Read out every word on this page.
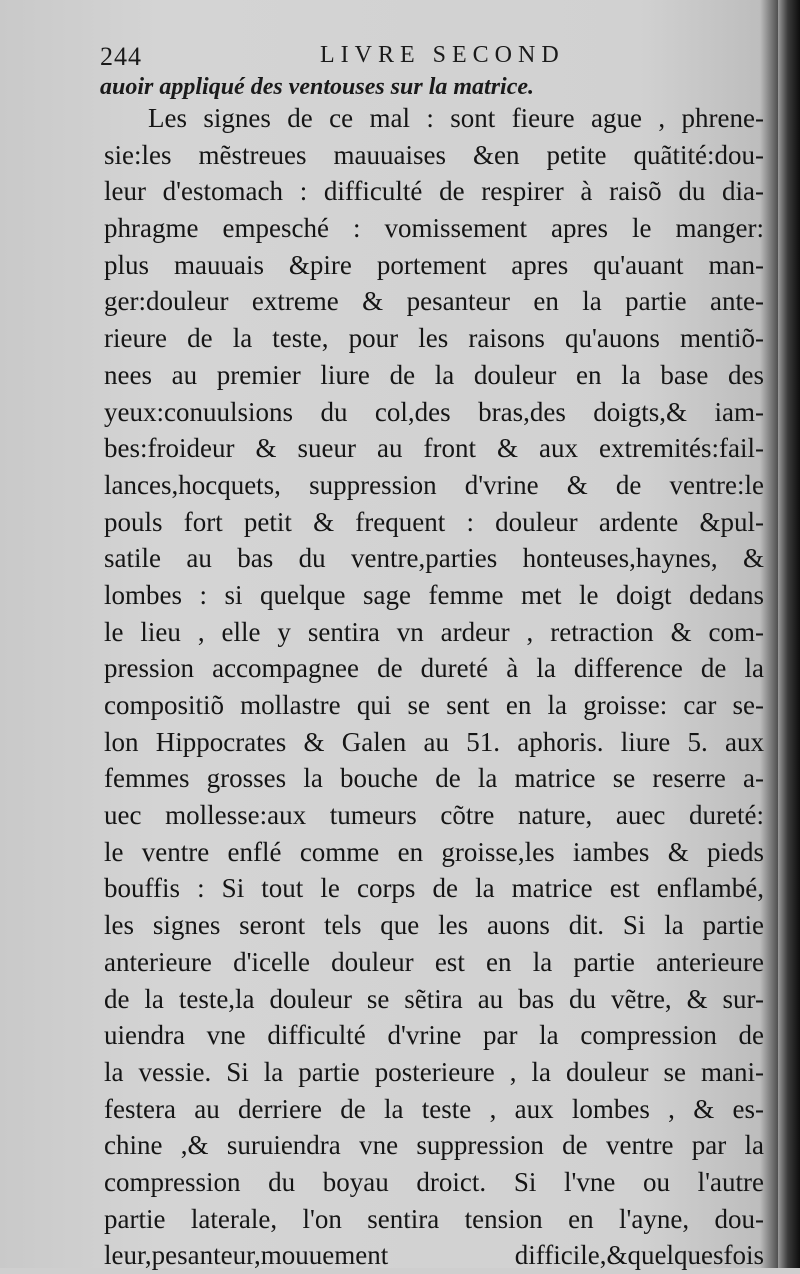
244	LIVRE SECOND
auoir appliqué des ventouses sur la matrice.
Les signes de ce mal : sont fieure ague , phrene-
sie:les mẽstreues mauuaises &en petite quãtité:dou-
leur d'estomach : difficulté de respirer à raisõ du dia-
phragme empesché : vomissement apres le manger:
plus mauuais &pire portement apres qu'auant man-
ger:douleur extreme & pesanteur en la partie ante-
rieure de la teste, pour les raisons qu'auons mentiõ-
nees au premier liure de la douleur en la base des
yeux:conuulsions du col,des bras,des doigts,& iam-
bes:froideur & sueur au front & aux extremités:fail-
lances,hocquets, suppression d'vrine & de ventre:le
pouls fort petit & frequent : douleur ardente &pul-
satile au bas du ventre,parties honteuses,haynes, &
lombes : si quelque sage femme met le doigt dedans
le lieu , elle y sentira vn ardeur , retraction & com-
pression accompagnee de dureté à la difference de la
compositiõ mollastre qui se sent en la groisse: car se-
lon Hippocrates & Galen au 51. aphoris. liure 5. aux
femmes grosses la bouche de la matrice se reserre a-
uec mollesse:aux tumeurs cõtre nature, auec dureté:
le ventre enflé comme en groisse,les iambes & pieds
bouffis : Si tout le corps de la matrice est enflambé,
les signes seront tels que les auons dit. Si la partie
anterieure d'icelle douleur est en la partie anterieure
de la teste,la douleur se sẽtira au bas du vẽtre, & sur-
uiendra vne difficulté d'vrine par la compression de
la vessie. Si la partie posterieure , la douleur se mani-
festera au derriere de la teste , aux lombes , & es-
chine ,& suruiendra vne suppression de ventre par la
compression du boyau droict. Si l'vne ou l'autre
partie laterale, l'on sentira tension en l'ayne, dou-
leur,pesanteur,mouuement difficile,&quelquesfois
